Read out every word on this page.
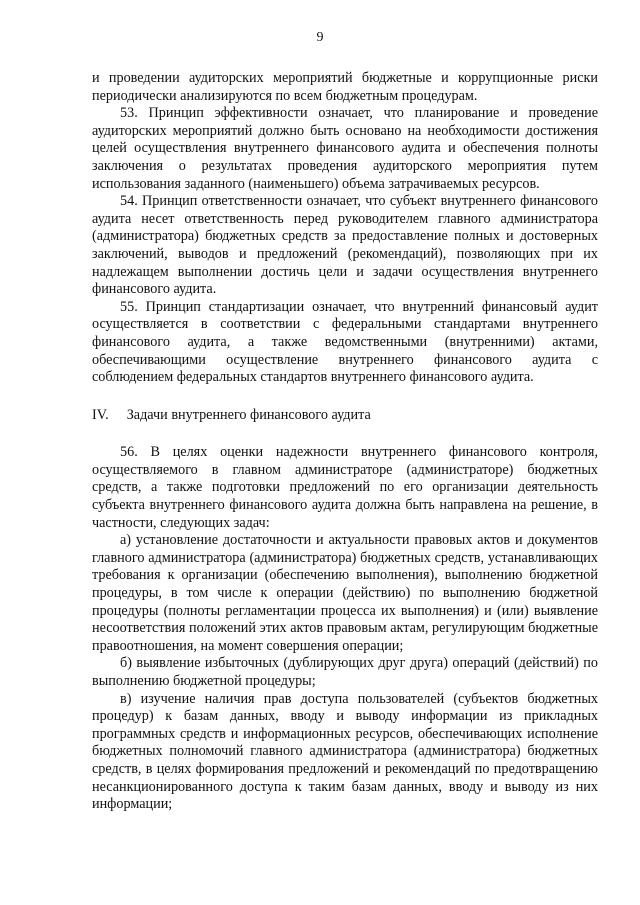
9

и проведении аудиторских мероприятий бюджетные и коррупционные риски периодически анализируются по всем бюджетным процедурам.

53. Принцип эффективности означает, что планирование и проведение аудиторских мероприятий должно быть основано на необходимости достижения целей осуществления внутреннего финансового аудита и обеспечения полноты заключения о результатах проведения аудиторского мероприятия путем использования заданного (наименьшего) объема затрачиваемых ресурсов.

54. Принцип ответственности означает, что субъект внутреннего финансового аудита несет ответственность перед руководителем главного администратора (администратора) бюджетных средств за предоставление полных и достоверных заключений, выводов и предложений (рекомендаций), позволяющих при их надлежащем выполнении достичь цели и задачи осуществления внутреннего финансового аудита.

55. Принцип стандартизации означает, что внутренний финансовый аудит осуществляется в соответствии с федеральными стандартами внутреннего финансового аудита, а также ведомственными (внутренними) актами, обеспечивающими осуществление внутреннего финансового аудита с соблюдением федеральных стандартов внутреннего финансового аудита.

IV. Задачи внутреннего финансового аудита

56. В целях оценки надежности внутреннего финансового контроля, осуществляемого в главном администраторе (администраторе) бюджетных средств, а также подготовки предложений по его организации деятельность субъекта внутреннего финансового аудита должна быть направлена на решение, в частности, следующих задач:

а) установление достаточности и актуальности правовых актов и документов главного администратора (администратора) бюджетных средств, устанавливающих требования к организации (обеспечению выполнения), выполнению бюджетной процедуры, в том числе к операции (действию) по выполнению бюджетной процедуры (полноты регламентации процесса их выполнения) и (или) выявление несоответствия положений этих актов правовым актам, регулирующим бюджетные правоотношения, на момент совершения операции;

б) выявление избыточных (дублирующих друг друга) операций (действий) по выполнению бюджетной процедуры;

в) изучение наличия прав доступа пользователей (субъектов бюджетных процедур) к базам данных, вводу и выводу информации из прикладных программных средств и информационных ресурсов, обеспечивающих исполнение бюджетных полномочий главного администратора (администратора) бюджетных средств, в целях формирования предложений и рекомендаций по предотвращению несанкционированного доступа к таким базам данных, вводу и выводу из них информации;
